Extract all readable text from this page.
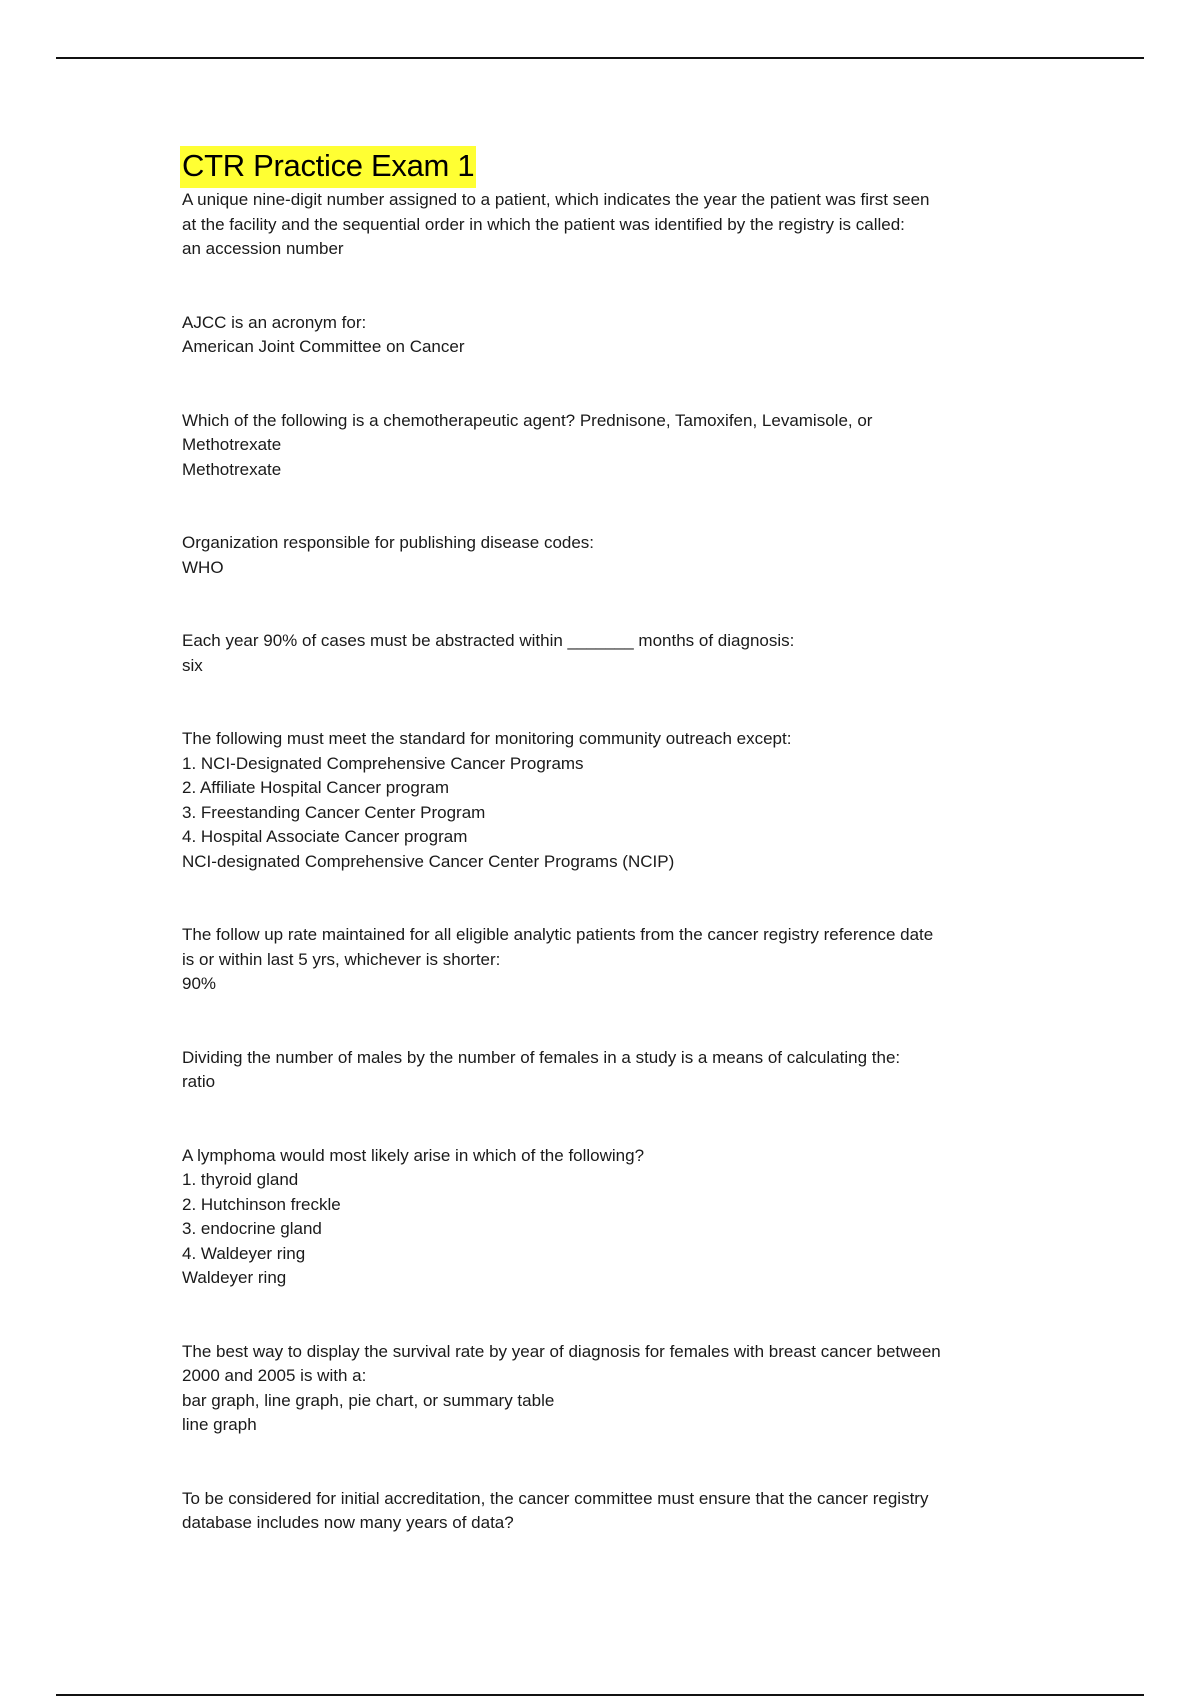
CTR Practice Exam 1

A unique nine-digit number assigned to a patient, which indicates the year the patient was first seen
at the facility and the sequential order in which the patient was identified by the registry is called:

an accession number

AJCC is an acronym for:

American Joint Committee on Cancer

Which of the following is a chemotherapeutic agent? Prednisone, Tamoxifen, Levamisole, or
Methotrexate

Methotrexate

Organization responsible for publishing disease codes:

WHO

Each year 90% of cases must be abstracted within _______ months of diagnosis:

six

The following must meet the standard for monitoring community outreach except:
1. NCI-Designated Comprehensive Cancer Programs
2. Affiliate Hospital Cancer program
3. Freestanding Cancer Center Program
4. Hospital Associate Cancer program

NCI-designated Comprehensive Cancer Center Programs (NCIP)

The follow up rate maintained for all eligible analytic patients from the cancer registry reference date
is or within last 5 yrs, whichever is shorter:

90%

Dividing the number of males by the number of females in a study is a means of calculating the:

ratio

A lymphoma would most likely arise in which of the following?
1. thyroid gland
2. Hutchinson freckle
3. endocrine gland
4. Waldeyer ring

Waldeyer ring

The best way to display the survival rate by year of diagnosis for females with breast cancer between
2000 and 2005 is with a:
bar graph, line graph, pie chart, or summary table

line graph

To be considered for initial accreditation, the cancer committee must ensure that the cancer registry
database includes now many years of data?
